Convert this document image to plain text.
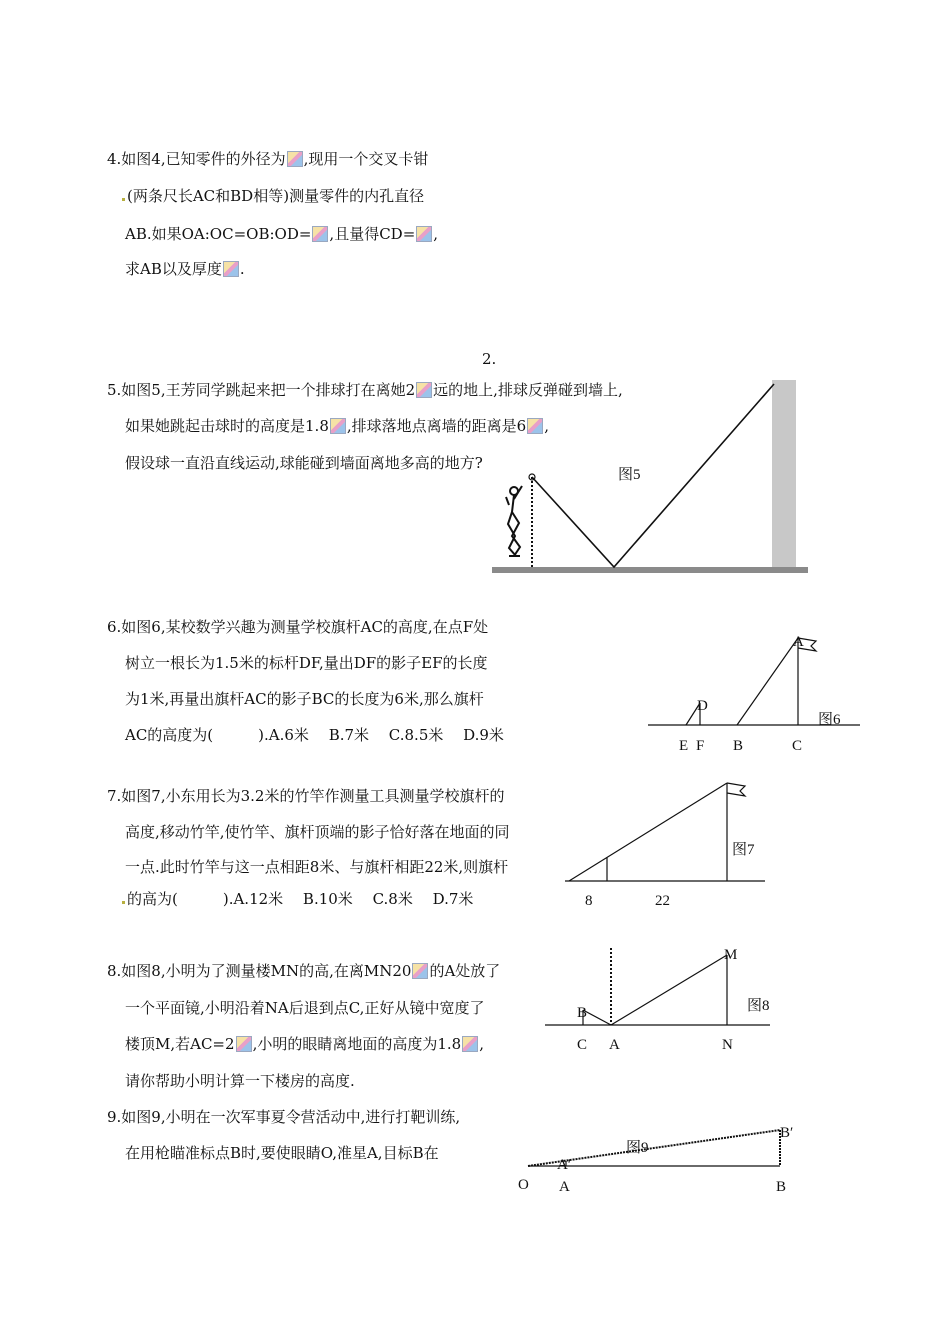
4.如图4,已知零件的外径为 ,现用一个交叉卡钳
(两条尺长AC和BD相等)测量零件的内孔直径
AB.如果OA:OC=OB:OD= ,且量得CD= ,
求AB以及厚度 .
2.
5.如图5,王芳同学跳起来把一个排球打在离她2 远的地上,排球反弹碰到墙上,
如果她跳起击球时的高度是1.8 ,排球落地点离墙的距离是6 ,
假设球一直沿直线运动,球能碰到墙面离地多高的地方?
图5
6.如图6,某校数学兴趣为测量学校旗杆AC的高度,在点F处
树立一根长为1.5米的标杆DF,量出DF的影子EF的长度
为1米,再量出旗杆AC的影子BC的长度为6米,那么旗杆
AC的高度为(　　　).A.6米　 B.7米　 C.8.5米　 D.9米
图6
A
D
E F B	C
7.如图7,小东用长为3.2米的竹竿作测量工具测量学校旗杆的
高度,移动竹竿,使竹竿、旗杆顶端的影子恰好落在地面的同
一点.此时竹竿与这一点相距8米、与旗杆相距22米,则旗杆
的高为(　　　).A.12米　 B.10米　 C.8米　 D.7米
图7
8	22
8.如图8,小明为了测量楼MN的高,在离MN20 的A处放了
一个平面镜,小明沿着NA后退到点C,正好从镜中宽度了
楼顶M,若AC=2 ,小明的眼睛离地面的高度为1.8 ,
请你帮助小明计算一下楼房的高度.
M
图8
B
C A	N
9.如图9,小明在一次军事夏令营活动中,进行打靶训练,
在用枪瞄准标点B时,要使眼睛O,准星A,目标B在	图9
B′
A′
O A	B
